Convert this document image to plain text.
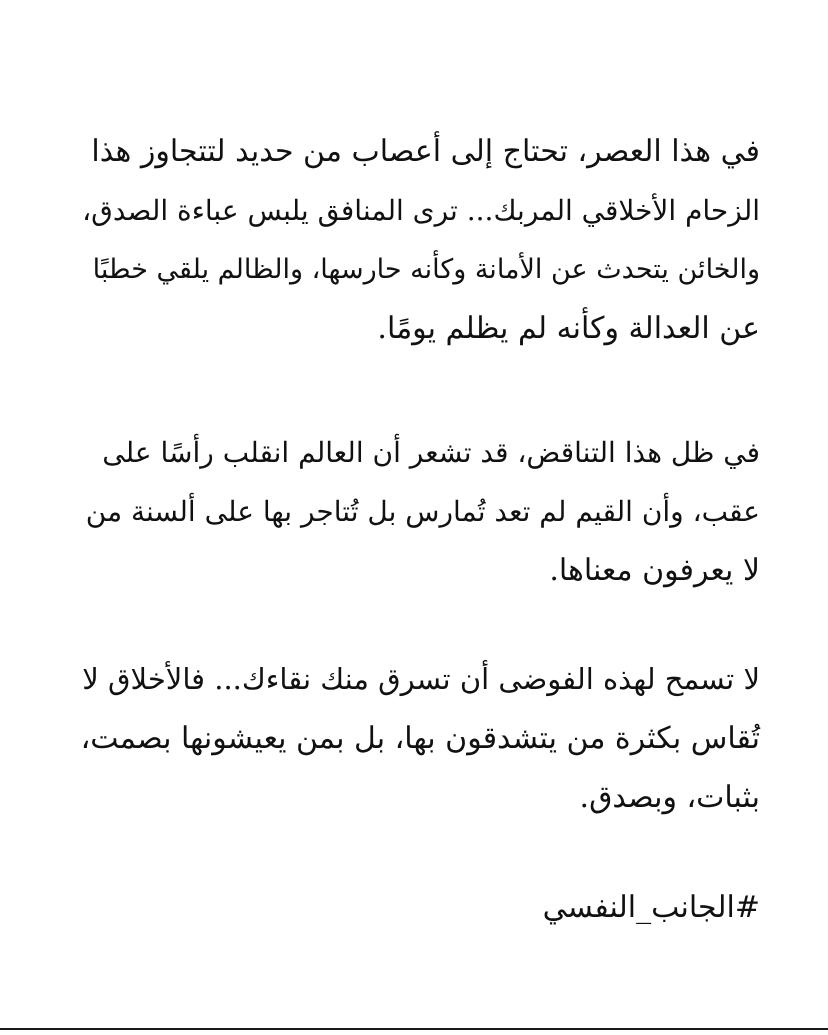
في هذا العصر، تحتاج إلى أعصاب من حديد لتتجاوز هذا
الزحام الأخلاقي المربك... ترى المنافق يلبس عباءة الصدق،
والخائن يتحدث عن الأمانة وكأنه حارسها، والظالم يلقي خطبًا
عن العدالة وكأنه لم يظلم يومًا.
في ظل هذا التناقض، قد تشعر أن العالم انقلب رأسًا على
عقب، وأن القيم لم تعد تُمارس بل تُتاجر بها على ألسنة من
لا يعرفون معناها.
لا تسمح لهذه الفوضى أن تسرق منك نقاءك... فالأخلاق لا
تُقاس بكثرة من يتشدقون بها، بل بمن يعيشونها بصمت،
بثبات، وبصدق.
#الجانب_النفسي
